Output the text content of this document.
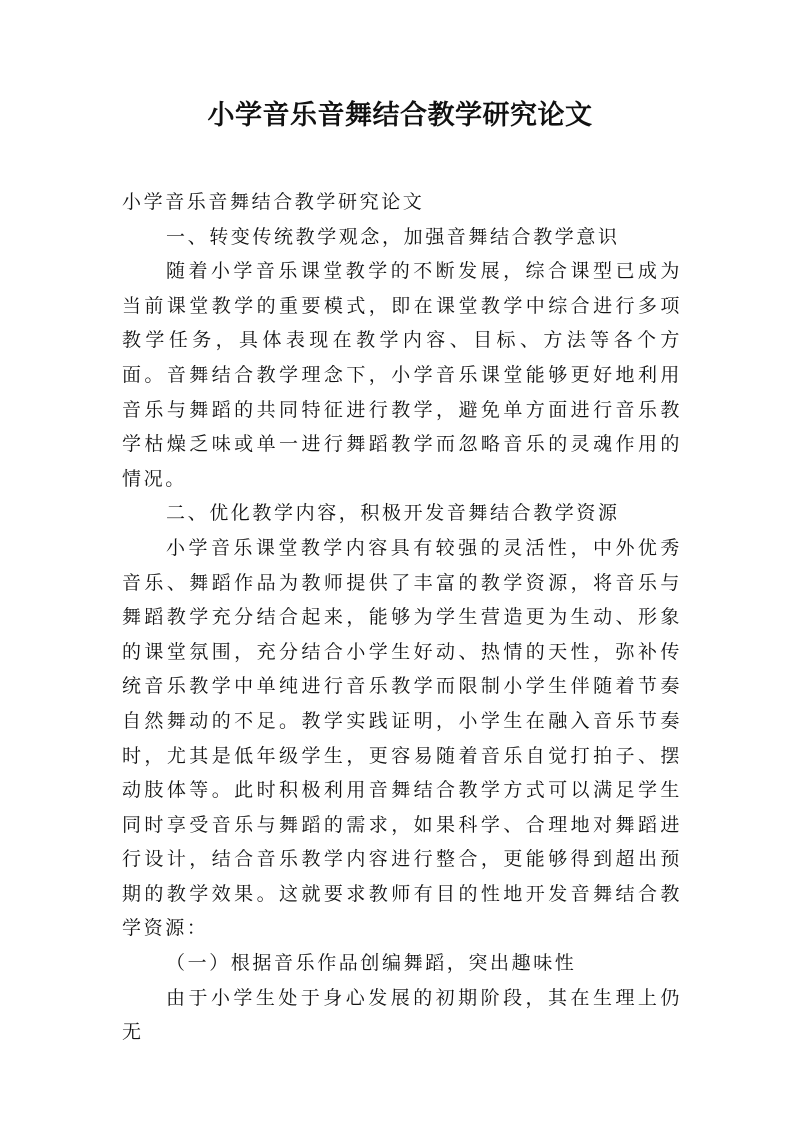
小学音乐音舞结合教学研究论文

小学音乐音舞结合教学研究论文

一、转变传统教学观念，加强音舞结合教学意识

随着小学音乐课堂教学的不断发展，综合课型已成为当前课堂教学的重要模式，即在课堂教学中综合进行多项教学任务，具体表现在教学内容、目标、方法等各个方面。音舞结合教学理念下，小学音乐课堂能够更好地利用音乐与舞蹈的共同特征进行教学，避免单方面进行音乐教学枯燥乏味或单一进行舞蹈教学而忽略音乐的灵魂作用的情况。

二、优化教学内容，积极开发音舞结合教学资源

小学音乐课堂教学内容具有较强的灵活性，中外优秀音乐、舞蹈作品为教师提供了丰富的教学资源，将音乐与舞蹈教学充分结合起来，能够为学生营造更为生动、形象的课堂氛围，充分结合小学生好动、热情的天性，弥补传统音乐教学中单纯进行音乐教学而限制小学生伴随着节奏自然舞动的不足。教学实践证明，小学生在融入音乐节奏时，尤其是低年级学生，更容易随着音乐自觉打拍子、摆动肢体等。此时积极利用音舞结合教学方式可以满足学生同时享受音乐与舞蹈的需求，如果科学、合理地对舞蹈进行设计，结合音乐教学内容进行整合，更能够得到超出预期的教学效果。这就要求教师有目的性地开发音舞结合教学资源：

（一）根据音乐作品创编舞蹈，突出趣味性

由于小学生处于身心发展的初期阶段，其在生理上仍无
